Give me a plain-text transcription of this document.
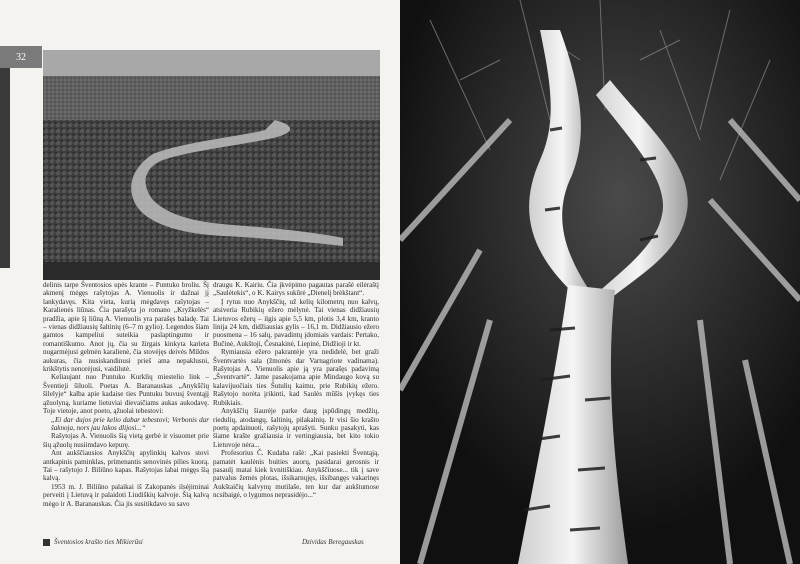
32

delinis tarpe Šventosios upės krante – Puntuko broliu. Šį akmenį mėgęs rašytojas A. Vienuolis ir dažnai jį lankydavęs. Kita vieta, kurią mėgdavęs rašytojas – Karalienės liūnas. Čia parašyta jo romano „Kryžkelės“ pradžia, apie šį liūną A. Vienuolis yra parašęs baladę. Tai – vienas didžiausių šaltinių (6–7 m gylio). Legendos šiam gamtos kampeliui suteikia paslaptingumo ir romantiškumo. Anot jų, čia su žirgais kinkyta karieta nugarmėjusi gelmėn karalienė, čia stovėjęs deivės Mildos aukuras, čia nusiskandinusi prieš ama nepaklusni, krikštytis nenorėjusi, vaidilutė.

Keliaujant nuo Puntuko Kurklių miestelio link – Šventieji šiluoli. Poetas A. Baranauskas „Anykščių šilelyje“ kalba apie kadaise ties Puntuku buvusį šventąjį ąžuolyną, kuriame lietuviai dievaičiams aukas aukodavę. Toje vietoje, anot poeto, ąžuolai tebestovi:

„Ei dar dujos prie kelio dabar tebestovi; Verbonis dar šaknoja, nors jau lakos dlijosi...“

Rašytojas A. Vienuolis šią vietą gerbė ir visuomet prie šių ąžuolų nusiimdavo kepurę.

Ant aukščiausios Anykščių apylinkių kalvos stovi antkapinis paminklas, primenantis senovinės pilies kuorą. Tai – rašytojo J. Biliūno kapas. Rašytojas labai mėgęs šią kalvą.

1953 m. J. Biliūno palaikai iš Zakopanės ilsėjiminai perveiti į Lietuvą ir palaidoti Liudiškių kalvoje. Šią kalvą mėgo ir A. Baranauskas. Čia jis susitikdavo su savo

draugu K. Kairiu. Čia įkvėpimo pagautas parašė eilėraštį „Saulėtekis“, o K. Kairys sukūrė „Dienelį brėkštant“.

Į rytus nuo Anykščių, už kelių kilometrų nuo kalvų, atsiveria Rubikių ežero mėlynė. Tai vienas didžiausių Lietuvos ežerų – ilgis apie 5,5 km, plotis 3,4 km, kranto linija 24 km, didžiausias gylis – 16,1 m. Didžiausio ežero puosmena – 16 salų, pavadintų įdomiais vardais: Pertako, Bučinė, Aukštoji, Česnakinė, Liepinė, Didžioji ir kt.

Rymiausia ežero pakrantėje yra nedidelė, bet graži Šventvartės sala (žmonės dar Varnagriote vadinama). Rašytojas A. Vienuolis apie ją yra parašęs padavimą „Šventvartė“. Jame pasakojama apie Mindaugo kovą su kalavijuočiais ties Šutulių kaimu, prie Rubikių ežero. Rašytojo norėta įrikinti, kad Saulės mūšis įvykęs ties Rubikiais.

Anykščių šiaurėje parke daug įspūdingų medžių, riedulių, atodangų, šaltinių, pilakalnių. Ir visi šio krašto poetų apdainuoti, rašytojų aprašyti. Sunku pasakyti, kas šiame krašte gražiausia ir vertingiausia, bet kito tokio Lietuvoje nėra...

Profesorius Č. Kudaba rašė: „Kai pasiekti Šventąją, pamatėt kaulėnis buities auorų, pasidarai gerosnis ir pasaulį matai kiek kvnitiškiau. Anykščiuose... tik į save patvalus žemės plotas, išsikarnųjęs, išsibangęs vakarinęs Aukštaičių kalvynų mutilaše, ten kur dar aukštumose ncsibaigė, o lygumos neprasidėjo...“

Šventosios krašto ties Mikierūsi	Dzividas Beregauskas
